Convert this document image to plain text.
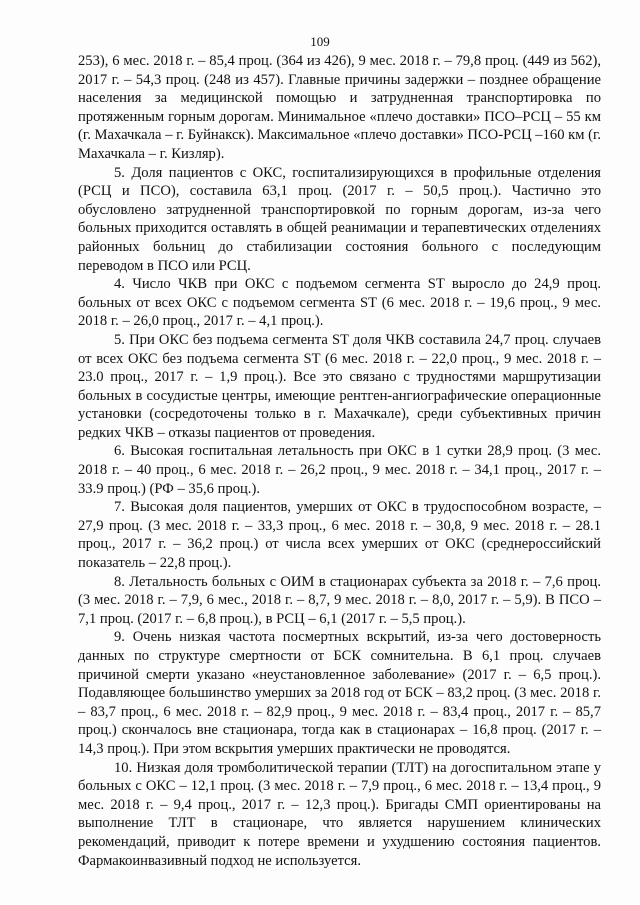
109

253), 6 мес. 2018 г. – 85,4 проц. (364 из 426), 9 мес. 2018 г. – 79,8 проц. (449 из 562), 2017 г. – 54,3 проц. (248 из 457). Главные причины задержки – позднее обращение населения за медицинской помощью и затрудненная транспортировка по протяженным горным дорогам. Минимальное «плечо доставки» ПСО–РСЦ – 55 км (г. Махачкала – г. Буйнакск). Максимальное «плечо доставки» ПСО-РСЦ –160 км (г. Махачкала – г. Кизляр).

5. Доля пациентов с ОКС, госпитализирующихся в профильные отделения (РСЦ и ПСО), составила 63,1 проц. (2017 г. – 50,5 проц.). Частично это обусловлено затрудненной транспортировкой по горным дорогам, из-за чего больных приходится оставлять в общей реанимации и терапевтических отделениях районных больниц до стабилизации состояния больного с последующим переводом в ПСО или РСЦ.

4. Число ЧКВ при ОКС с подъемом сегмента ST выросло до 24,9 проц. больных от всех ОКС с подъемом сегмента ST (6 мес. 2018 г. – 19,6 проц., 9 мес. 2018 г. – 26,0 проц., 2017 г. – 4,1 проц.).

5. При ОКС без подъема сегмента ST доля ЧКВ составила 24,7 проц. случаев от всех ОКС без подъема сегмента ST (6 мес. 2018 г. – 22,0 проц., 9 мес. 2018 г. – 23.0 проц., 2017 г. – 1,9 проц.). Все это связано с трудностями маршрутизации больных в сосудистые центры, имеющие рентген-ангиографические операционные установки (сосредоточены только в г. Махачкале), среди субъективных причин редких ЧКВ – отказы пациентов от проведения.

6. Высокая госпитальная летальность при ОКС в 1 сутки 28,9 проц. (3 мес. 2018 г. – 40 проц., 6 мес. 2018 г. – 26,2 проц., 9 мес. 2018 г. – 34,1 проц., 2017 г. – 33.9 проц.) (РФ – 35,6 проц.).

7. Высокая доля пациентов, умерших от ОКС в трудоспособном возрасте, – 27,9 проц. (3 мес. 2018 г. – 33,3 проц., 6 мес. 2018 г. – 30,8, 9 мес. 2018 г. – 28.1 проц., 2017 г. – 36,2 проц.) от числа всех умерших от ОКС (среднероссийский показатель – 22,8 проц.).

8. Летальность больных с ОИМ в стационарах субъекта за 2018 г. – 7,6 проц. (3 мес. 2018 г. – 7,9, 6 мес., 2018 г. – 8,7, 9 мес. 2018 г. – 8,0, 2017 г. – 5,9). В ПСО – 7,1 проц. (2017 г. – 6,8 проц.), в РСЦ – 6,1 (2017 г. – 5,5 проц.).

9. Очень низкая частота посмертных вскрытий, из-за чего достоверность данных по структуре смертности от БСК сомнительна. В 6,1 проц. случаев причиной смерти указано «неустановленное заболевание» (2017 г. – 6,5 проц.). Подавляющее большинство умерших за 2018 год от БСК – 83,2 проц. (3 мес. 2018 г. – 83,7 проц., 6 мес. 2018 г. – 82,9 проц., 9 мес. 2018 г. – 83,4 проц., 2017 г. – 85,7 проц.) скончалось вне стационара, тогда как в стационарах – 16,8 проц. (2017 г. – 14,3 проц.). При этом вскрытия умерших практически не проводятся.

10. Низкая доля тромболитической терапии (ТЛТ) на догоспитальном этапе у больных с ОКС – 12,1 проц. (3 мес. 2018 г. – 7,9 проц., 6 мес. 2018 г. – 13,4 проц., 9 мес. 2018 г. – 9,4 проц., 2017 г. – 12,3 проц.). Бригады СМП ориентированы на выполнение ТЛТ в стационаре, что является нарушением клинических рекомендаций, приводит к потере времени и ухудшению состояния пациентов. Фармакоинвазивный подход не используется.
